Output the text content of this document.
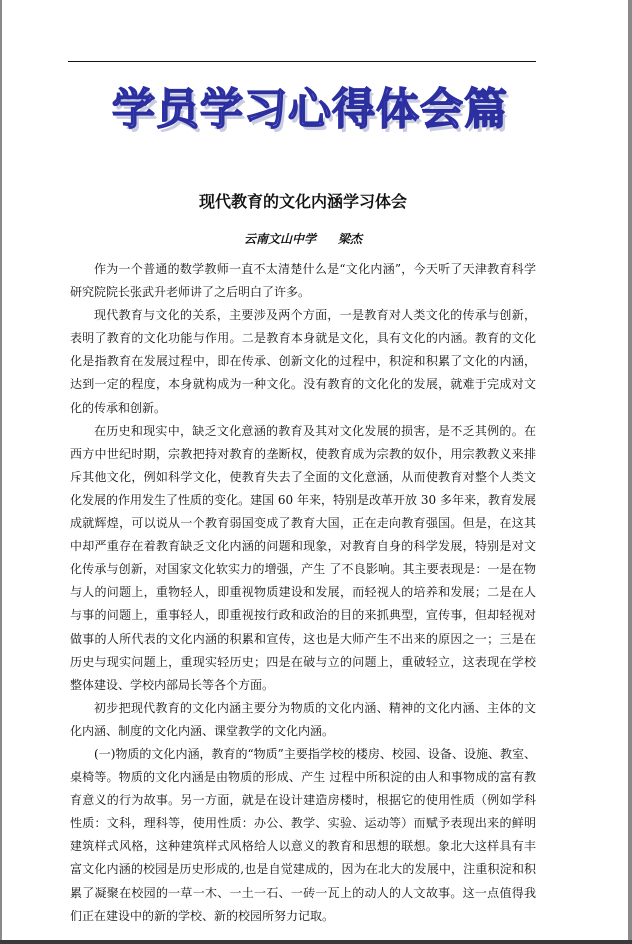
学员学习心得体会篇
现代教育的文化内涵学习体会
云南文山中学 梁杰

作为一个普通的数学教师一直不太清楚什么是“文化内涵”，今天听了天津教育科学研究院院长张武升老师讲了之后明白了许多。

现代教育与文化的关系，主要涉及两个方面，一是教育对人类文化的传承与创新，表明了教育的文化功能与作用。二是教育本身就是文化，具有文化的内涵。教育的文化化是指教育在发展过程中，即在传承、创新文化的过程中，积淀和积累了文化的内涵，达到一定的程度，本身就构成为一种文化。没有教育的文化化的发展，就难于完成对文化的传承和创新。

在历史和现实中，缺乏文化意涵的教育及其对文化发展的损害，是不乏其例的。在西方中世纪时期，宗教把持对教育的垄断权，使教育成为宗教的奴仆，用宗教教义来排斥其他文化，例如科学文化，使教育失去了全面的文化意涵，从而使教育对整个人类文化发展的作用发生了性质的变化。建国 60 年来，特别是改革开放 30 多年来，教育发展成就辉煌，可以说从一个教育弱国变成了教育大国，正在走向教育强国。但是，在这其中却严重存在着教育缺乏文化内涵的问题和现象，对教育自身的科学发展，特别是对文化传承与创新，对国家文化软实力的增强，产生 了不良影响。其主要表现是：一是在物与人的问题上，重物轻人，即重视物质建设和发展，而轻视人的培养和发展；二是在人与事的问题上，重事轻人，即重视按行政和政治的目的来抓典型，宣传事，但却轻视对做事的人所代表的文化内涵的积累和宣传，这也是大师产生不出来的原因之一；三是在历史与现实问题上，重现实轻历史；四是在破与立的问题上，重破轻立，这表现在学校整体建设、学校内部局长等各个方面。

初步把现代教育的文化内涵主要分为物质的文化内涵、精神的文化内涵、主体的文化内涵、制度的文化内涵、课堂教学的文化内涵。

(一)物质的文化内涵，教育的“物质”主要指学校的楼房、校园、设备、设施、教室、桌椅等。物质的文化内涵是由物质的形成、产生 过程中所积淀的由人和事物成的富有教育意义的行为故事。另一方面，就是在设计建造房楼时，根据它的使用性质（例如学科性质：文科，理科等，使用性质：办公、教学、实验、运动等）而赋予表现出来的鲜明建筑样式风格，这种建筑样式风格给人以意义的教育和思想的联想。象北大这样具有丰富文化内涵的校园是历史形成的,也是自觉建成的，因为在北大的发展中，注重积淀和积累了凝聚在校园的一草一木、一土一石、一砖一瓦上的动人的人文故事。这一点值得我们正在建设中的新的学校、新的校园所努力记取。
